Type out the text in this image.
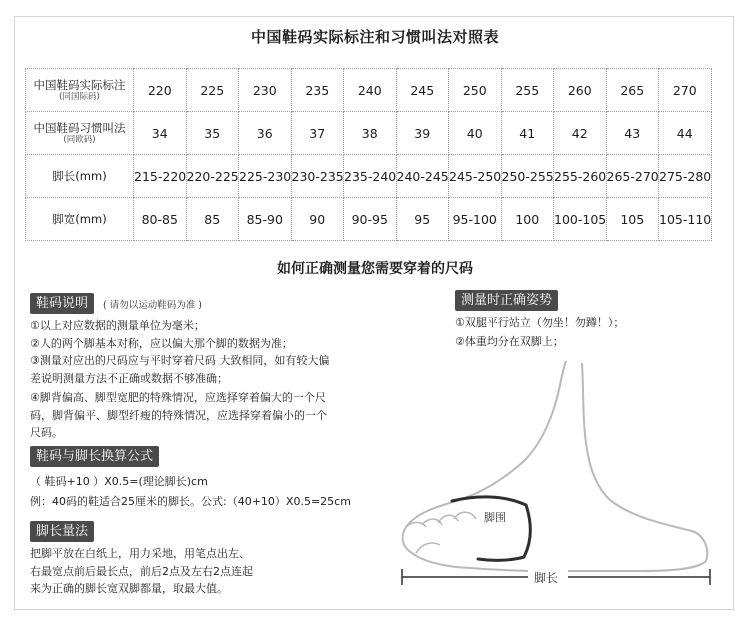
中国鞋码实际标注和习惯叫法对照表
中国鞋码实际标注
(同国际码)	220	225	230	235	240	245	250	255	260	265	270
中国鞋码习惯叫法
(同欧码)	34	35	36	37	38	39	40	41	42	43	44
脚长(mm)	215-220	220-225	225-230	230-235	235-240	240-245	245-250	250-255	255-260	265-270	275-280
脚宽(mm)	80-85	85	85-90	90	90-95	95	95-100	100	100-105	105	105-110
如何正确测量您需要穿着的尺码
鞋码说明	( 请勿以运动鞋码为准 )
①以上对应数据的测量单位为毫米；
②人的两个脚基本对称，应以偏大那个脚的数据为准；
③测量对应出的尺码应与平时穿着尺码 大致相同，如有较大偏
差说明测量方法不正确或数据不够准确；
④脚背偏高、脚型宽肥的特殊情况，应选择穿着偏大的一个尺
码，脚背偏平、脚型纤瘦的特殊情况，应选择穿着偏小的一个
尺码。
鞋码与脚长换算公式
（ 鞋码+10 ）X0.5=(理论脚长)cm
例：40码的鞋适合25厘米的脚长。公式:（40+10）X0.5=25cm
脚长量法
把脚平放在白纸上，用力采地，用笔点出左、
右最宽点前后最长点，前后2点及左右2点连起
来为正确的脚长宽双脚都量，取最大值。
测量时正确姿势
①双腿平行站立（勿坐！勿蹲！）；
②体重均分在双脚上；
脚围
脚长
